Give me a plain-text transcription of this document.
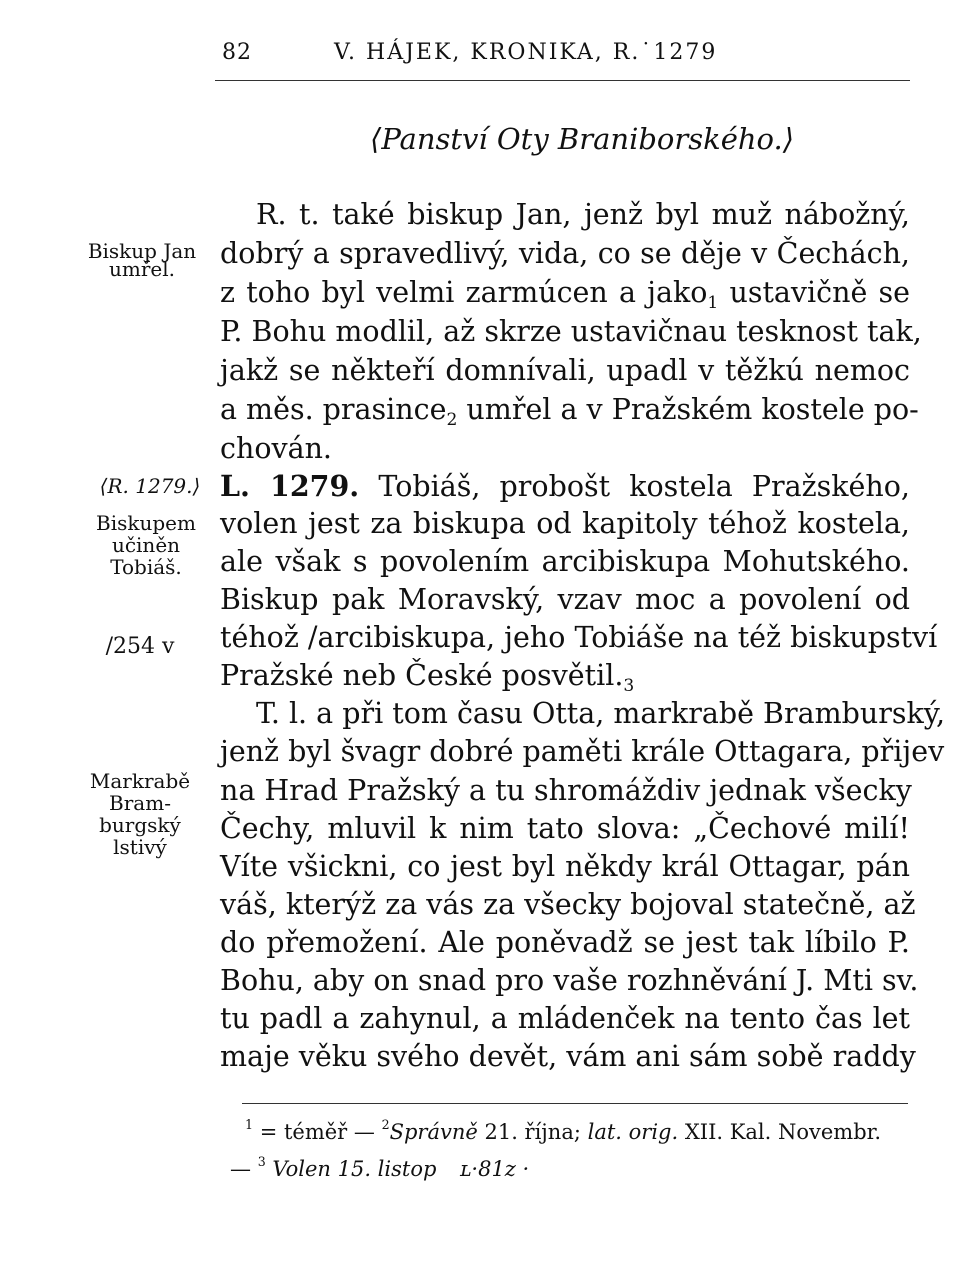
82	V. HÁJEK, KRONIKA, R.˙1279
⟨Panství Oty Braniborského.⟩
Biskup Jan
umřel.
⟨R. 1279.⟩
Biskupem
učiněn
Tobiáš.
/254 v
Markrabě
Bram-
burgský
lstivý
R. t. také biskup Jan, jenž byl muž nábožný,
dobrý a spravedlivý, vida, co se děje v Čechách,
z toho byl velmi zarmúcen a jako$_1$ ustavičně se
P. Bohu modlil, až skrze ustavičnau tesknost tak,
jakž se někteří domnívali, upadl v těžkú nemoc
a měs. prasince$_2$ umřel a v Pražském kostele po-
chován.
L. 1279. Tobiáš, probošt kostela Pražského,
volen jest za biskupa od kapitoly téhož kostela,
ale však s povolením arcibiskupa Mohutského.
Biskup pak Moravský, vzav moc a povolení od
téhož /arcibiskupa, jeho Tobiáše na též biskupství
Pražské neb České $posvětil._3$
T. l. a při tom času Otta, markrabě Bramburský,
jenž byl švagr dobré paměti krále Ottagara, přijev
na Hrad Pražský a tu shromáždiv jednak všecky
Čechy, mluvil k nim tato slova: „Čechové milí!
Víte všickni, co jest byl někdy král Ottagar, pán
váš, kterýž za vás za všecky bojoval statečně, až
do přemožení. Ale poněvadž se jest tak líbilo P.
Bohu, aby on snad pro vaše rozhněvání J. Mti sv.
tu padl a zahynul, a mládenček na tento čas let
maje věku svého devět, vám ani sám sobě raddy
$^1$ = téměř — $^2$Správně 21. října; lat. orig. XII. Kal. Novembr.
— $^3$ Volen 15. listop ʟ·81z ·
